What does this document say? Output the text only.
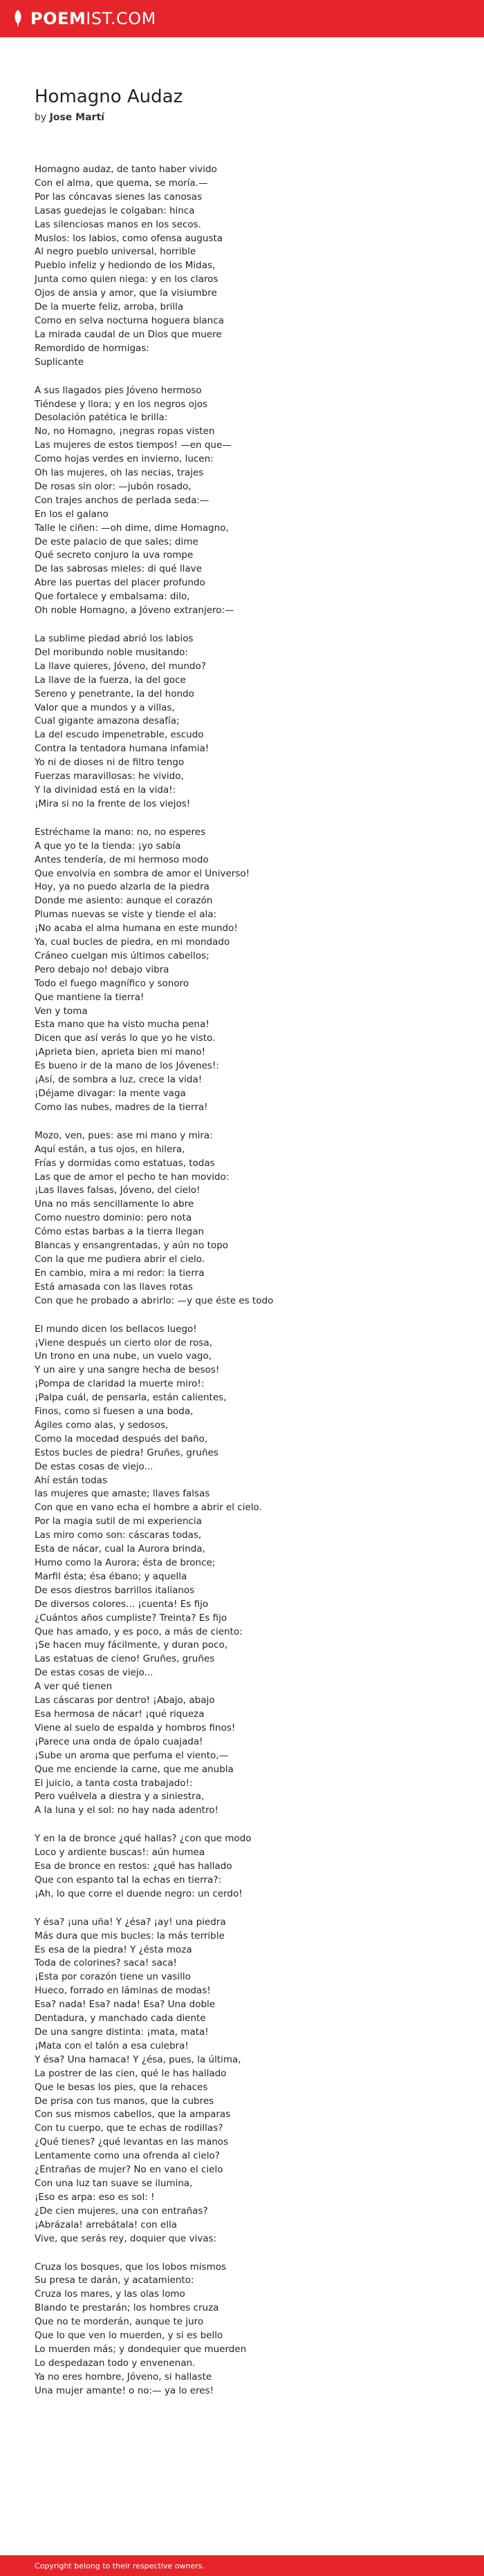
POEMIST.COM
Homagno Audaz
by Jose Martí
Homagno audaz, de tanto haber vivido
Con el alma, que quema, se moría.—
Por las cóncavas sienes las canosas
Lasas guedejas le colgaban: hinca
Las silenciosas manos en los secos.
Muslos: los labios, como ofensa augusta
Al negro pueblo universal, horrible
Pueblo infeliz y hediondo de los Midas,
Junta como quien niega: y en los claros
Ojos de ansia y amor, que la visiumbre
De la muerte feliz, arroba, brilla
Como en selva nocturna hoguera blanca
La mirada caudal de un Dios que muere
Remordido de hormigas:
Suplicante
A sus llagados pies Jóveno hermoso
Tiéndese y llora; y en los negros ojos
Desolación patética le brilla:
No, no Homagno, ¡negras ropas visten
Las mujeres de estos tiempos! —en que—
Como hojas verdes en invierno, lucen:
Oh las mujeres, oh las necias, trajes
De rosas sin olor: —jubón rosado,
Con trajes anchos de perlada seda:—
En los el galano
Talle le ciñen: —oh dime, dime Homagno,
De este palacio de que sales; dime
Qué secreto conjuro la uva rompe
De las sabrosas mieles: di qué llave
Abre las puertas del placer profundo
Que fortalece y embalsama: dilo,
Oh noble Homagno, a Jóveno extranjero:—
La sublime piedad abrió los labios
Del moribundo noble musitando:
La llave quieres, Jóveno, del mundo?
La llave de la fuerza, la del goce
Sereno y penetrante, la del hondo
Valor que a mundos y a villas,
Cual gigante amazona desafía;
La del escudo impenetrable, escudo
Contra la tentadora humana infamia!
Yo ni de dioses ni de filtro tengo
Fuerzas maravillosas: he vivido,
Y la divinidad está en la vida!:
¡Mira si no la frente de los viejos!
Estréchame la mano: no, no esperes
A que yo te la tienda: ¡yo sabía
Antes tendería, de mi hermoso modo
Que envolvía en sombra de amor el Universo!
Hoy, ya no puedo alzarla de la piedra
Donde me asiento: aunque el corazón
Plumas nuevas se viste y tiende el ala:
¡No acaba el alma humana en este mundo!
Ya, cual bucles de piedra, en mi mondado
Cráneo cuelgan mis últimos cabellos;
Pero debajo no! debajo vibra
Todo el fuego magnífico y sonoro
Que mantiene la tierra!
Ven y toma
Esta mano que ha visto mucha pena!
Dicen que así verás lo que yo he visto.
¡Aprieta bien, aprieta bien mi mano!
Es bueno ir de la mano de los Jóvenes!:
¡Así, de sombra a luz, crece la vida!
¡Déjame divagar: la mente vaga
Como las nubes, madres de la tierra!
Mozo, ven, pues: ase mi mano y mira:
Aquí están, a tus ojos, en hilera,
Frías y dormidas como estatuas, todas
Las que de amor el pecho te han movido:
¡Las llaves falsas, Jóveno, del cielo!
Una no más sencillamente lo abre
Como nuestro dominio: pero nota
Cómo estas barbas a la tierra llegan
Blancas y ensangrentadas, y aún no topo
Con la que me pudiera abrir el cielo.
En cambio, mira a mi redor: la tierra
Está amasada con las llaves rotas
Con que he probado a abrirlo: —y que éste es todo
El mundo dicen los bellacos luego!
¡Viene después un cierto olor de rosa,
Un trono en una nube, un vuelo vago,
Y un aire y una sangre hecha de besos!
¡Pompa de claridad la muerte miro!:
¡Palpa cuál, de pensarla, están calientes,
Finos, como si fuesen a una boda,
Ágiles como alas, y sedosos,
Como la mocedad después del baño,
Estos bucles de piedra! Gruñes, gruñes
De estas cosas de viejo...
Ahí están todas
las mujeres que amaste; llaves falsas
Con que en vano echa el hombre a abrir el cielo.
Por la magia sutil de mi experiencia
Las miro como son: cáscaras todas,
Esta de nácar, cual la Aurora brinda,
Humo como la Aurora; ésta de bronce;
Marfil ésta; ésa ébano; y aquella
De esos diestros barrillos italianos
De diversos colores... ¡cuenta! Es fijo
¿Cuántos años cumpliste? Treinta? Es fijo
Que has amado, y es poco, a más de ciento:
¡Se hacen muy fácilmente, y duran poco,
Las estatuas de cieno! Gruñes, gruñes
De estas cosas de viejo...
A ver qué tienen
Las cáscaras por dentro! ¡Abajo, abajo
Esa hermosa de nácar! ¡qué riqueza
Viene al suelo de espalda y hombros finos!
¡Parece una onda de ópalo cuajada!
¡Sube un aroma que perfuma el viento,—
Que me enciende la carne, que me anubla
El juicio, a tanta costa trabajado!:
Pero vuélvela a diestra y a siniestra,
A la luna y el sol: no hay nada adentro!
Y en la de bronce ¿qué hallas? ¿con que modo
Loco y ardiente buscas!: aún humea
Esa de bronce en restos: ¿qué has hallado
Que con espanto tal la echas en tierra?:
¡Ah, lo que corre el duende negro: un cerdo!
Y ésa? ¡una uña! Y ¿ésa? ¡ay! una piedra
Más dura que mis bucles: la más terrible
Es esa de la piedra! Y ¿ésta moza
Toda de colorines? saca! saca!
¡Esta por corazón tiene un vasillo
Hueco, forrado en láminas de modas!
Esa? nada! Esa? nada! Esa? Una doble
Dentadura, y manchado cada diente
De una sangre distinta: ¡mata, mata!
¡Mata con el talón a esa culebra!
Y ésa? Una hamaca! Y ¿ésa, pues, la última,
La postrer de las cien, qué le has hallado
Que le besas los pies, que la rehaces
De prisa con tus manos, que la cubres
Con sus mismos cabellos, que la amparas
Con tu cuerpo, que te echas de rodillas?
¿Qué tienes? ¿qué levantas en las manos
Lentamente como una ofrenda al cielo?
¿Entrañas de mujer? No en vano el cielo
Con una luz tan suave se ilumina,
¡Eso es arpa: eso es sol: !
¿De cien mujeres, una con entrañas?
¡Abrázala! arrebátala! con ella
Vive, que serás rey, doquier que vivas:
Cruza los bosques, que los lobos mismos
Su presa te darán, y acatamiento:
Cruza los mares, y las olas lomo
Blando te prestarán; los hombres cruza
Que no te morderán, aunque te juro
Que lo que ven lo muerden, y si es bello
Lo muerden más; y dondequier que muerden
Lo despedazan todo y envenenan.
Ya no eres hombre, Jóveno, si hallaste
Una mujer amante! o no:— ya lo eres!
Copyright belong to their respective owners.
